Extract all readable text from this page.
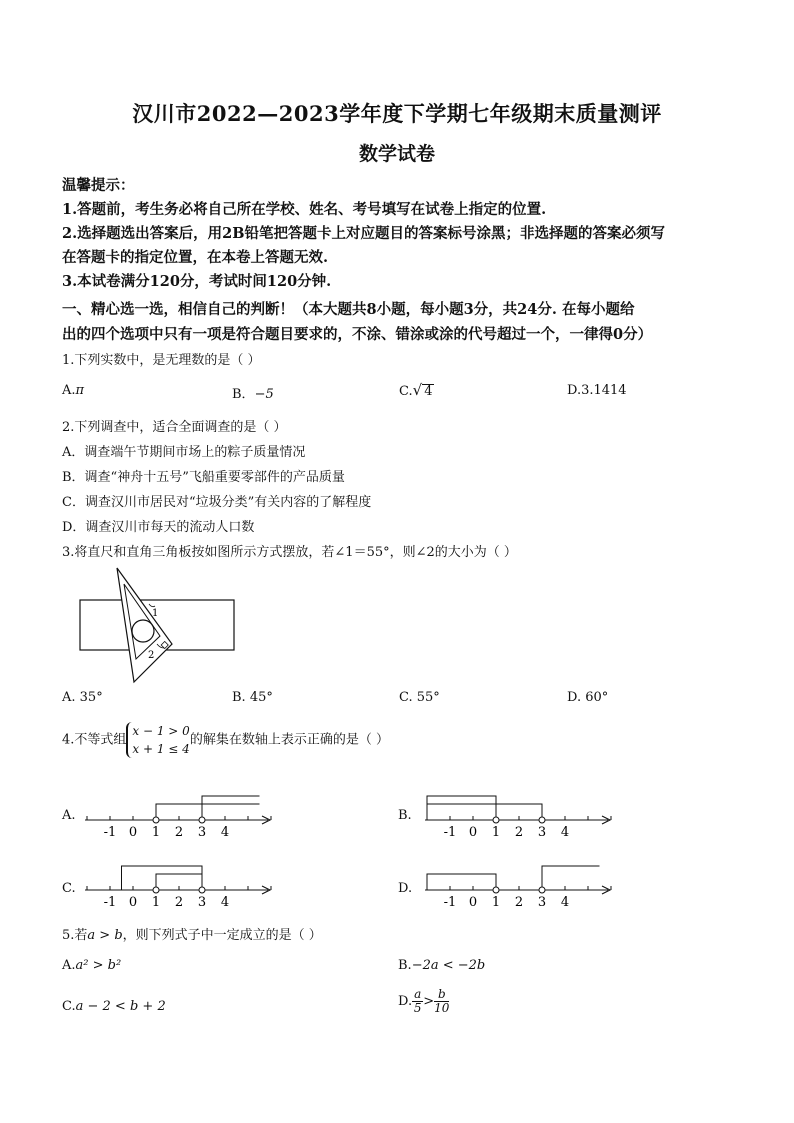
汉川市2022—2023学年度下学期七年级期末质量测评
数学试卷
温馨提示：
1.答题前，考生务必将自己所在学校、姓名、考号填写在试卷上指定的位置.
2.选择题选出答案后，用2B铅笔把答题卡上对应题目的答案标号涂黑；非选择题的答案必须写
在答题卡的指定位置，在本卷上答题无效.
3.本试卷满分120分，考试时间120分钟.
一、精心选一选，相信自己的判断！（本大题共8小题，每小题3分，共24分. 在每小题给
出的四个选项中只有一项是符合题目要求的，不涂、错涂或涂的代号超过一个，一律得0分）
1.下列实数中，是无理数的是（ ）
A.π	B．−5	C.√ 4	D.3.1414
2.下列调查中，适合全面调查的是（ ）
A．调查端午节期间市场上的粽子质量情况
B．调查“神舟十五号”飞船重要零部件的产品质量
C．调查汉川市居民对“垃圾分类”有关内容的了解程度
D．调查汉川市每天的流动人口数
3.将直尺和直角三角板按如图所示方式摆放，若∠1＝55°，则∠2的大小为（ ）
1
2
A. 35°	B. 45°	C. 55°	D. 60°
4.不等式组
x − 1 > 0
x + 1 ≤ 4
的解集在数轴上表示正确的是（ ）
A.	B.
C.	D.
-1 0 1 2 3 4	-1 0 1 2 3 4
-1 0 1 2 3 4	-1 0 1 2 3 4
5.若a > b，则下列式子中一定成立的是（ ）
A.a² > b²	B.−2a < −2b
C.a − 2 < b + 2	D. $\frac{a}{5} > \frac{b}{10}$
